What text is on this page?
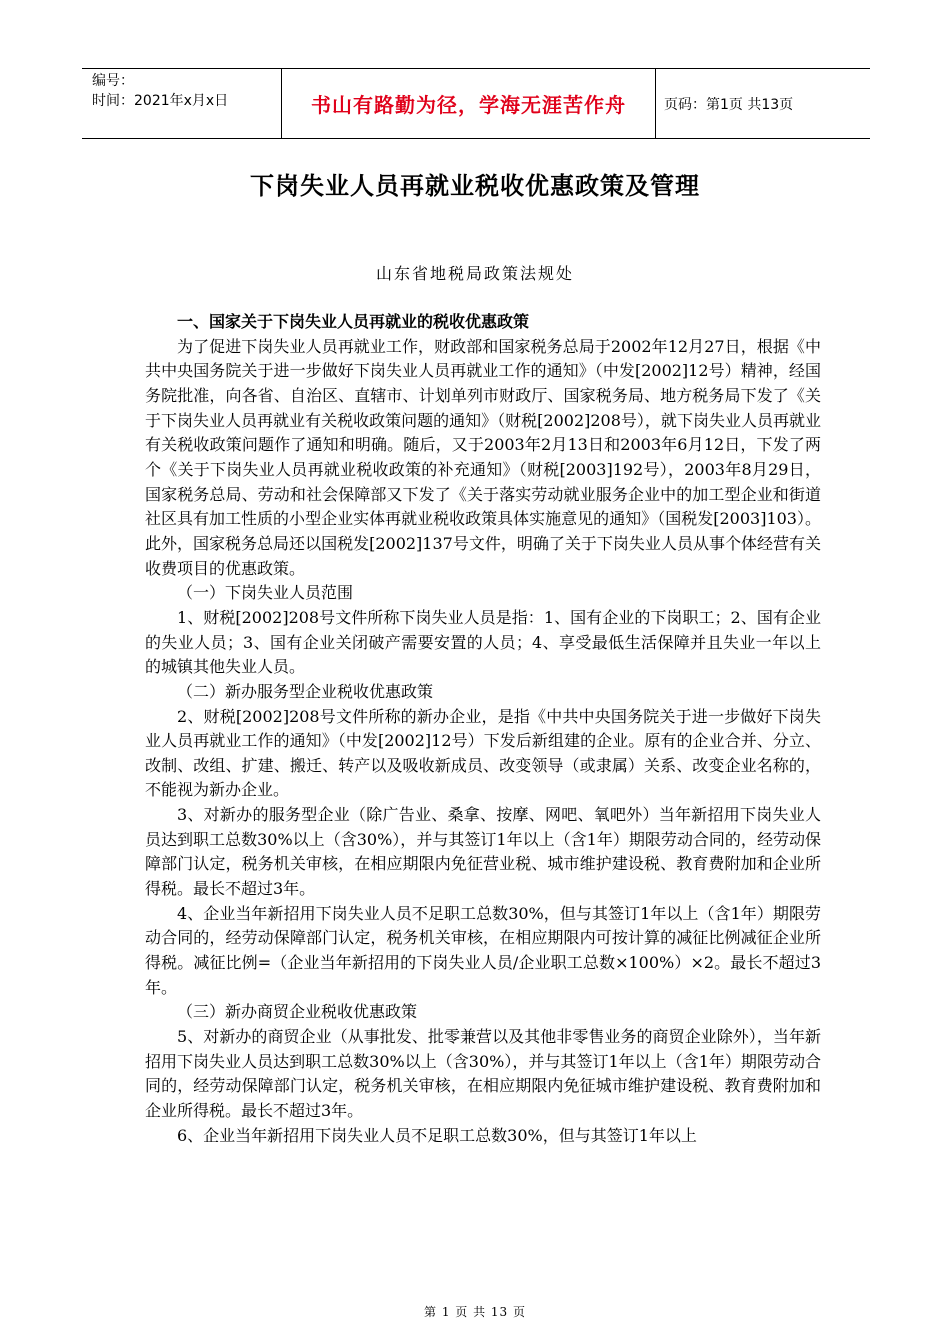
编号：
时间：2021年x月x日	书山有路勤为径，学海无涯苦作舟	页码：第1页 共13页
下岗失业人员再就业税收优惠政策及管理
山东省地税局政策法规处

一、国家关于下岗失业人员再就业的税收优惠政策

为了促进下岗失业人员再就业工作，财政部和国家税务总局于2002年12月27日，根据《中共中央国务院关于进一步做好下岗失业人员再就业工作的通知》（中发[2002]12号）精神，经国务院批准，向各省、自治区、直辖市、计划单列市财政厅、国家税务局、地方税务局下发了《关于下岗失业人员再就业有关税收政策问题的通知》（财税[2002]208号），就下岗失业人员再就业有关税收政策问题作了通知和明确。随后，又于2003年2月13日和2003年6月12日，下发了两个《关于下岗失业人员再就业税收政策的补充通知》（财税[2003]192号），2003年8月29日，国家税务总局、劳动和社会保障部又下发了《关于落实劳动就业服务企业中的加工型企业和街道社区具有加工性质的小型企业实体再就业税收政策具体实施意见的通知》（国税发[2003]103）。此外，国家税务总局还以国税发[2002]137号文件，明确了关于下岗失业人员从事个体经营有关收费项目的优惠政策。

（一）下岗失业人员范围

1、财税[2002]208号文件所称下岗失业人员是指：1、国有企业的下岗职工；2、国有企业的失业人员；3、国有企业关闭破产需要安置的人员；4、享受最低生活保障并且失业一年以上的城镇其他失业人员。

（二）新办服务型企业税收优惠政策

2、财税[2002]208号文件所称的新办企业，是指《中共中央国务院关于进一步做好下岗失业人员再就业工作的通知》（中发[2002]12号）下发后新组建的企业。原有的企业合并、分立、改制、改组、扩建、搬迁、转产以及吸收新成员、改变领导（或隶属）关系、改变企业名称的，不能视为新办企业。

3、对新办的服务型企业（除广告业、桑拿、按摩、网吧、氧吧外）当年新招用下岗失业人员达到职工总数30%以上（含30%），并与其签订1年以上（含1年）期限劳动合同的，经劳动保障部门认定，税务机关审核，在相应期限内免征营业税、城市维护建设税、教育费附加和企业所得税。最长不超过3年。

4、企业当年新招用下岗失业人员不足职工总数30%，但与其签订1年以上（含1年）期限劳动合同的，经劳动保障部门认定，税务机关审核，在相应期限内可按计算的减征比例减征企业所得税。减征比例=（企业当年新招用的下岗失业人员/企业职工总数×100%）×2。最长不超过3年。

（三）新办商贸企业税收优惠政策

5、对新办的商贸企业（从事批发、批零兼营以及其他非零售业务的商贸企业除外），当年新招用下岗失业人员达到职工总数30%以上（含30%），并与其签订1年以上（含1年）期限劳动合同的，经劳动保障部门认定，税务机关审核，在相应期限内免征城市维护建设税、教育费附加和企业所得税。最长不超过3年。

6、企业当年新招用下岗失业人员不足职工总数30%，但与其签订1年以上

第 1 页 共 13 页
